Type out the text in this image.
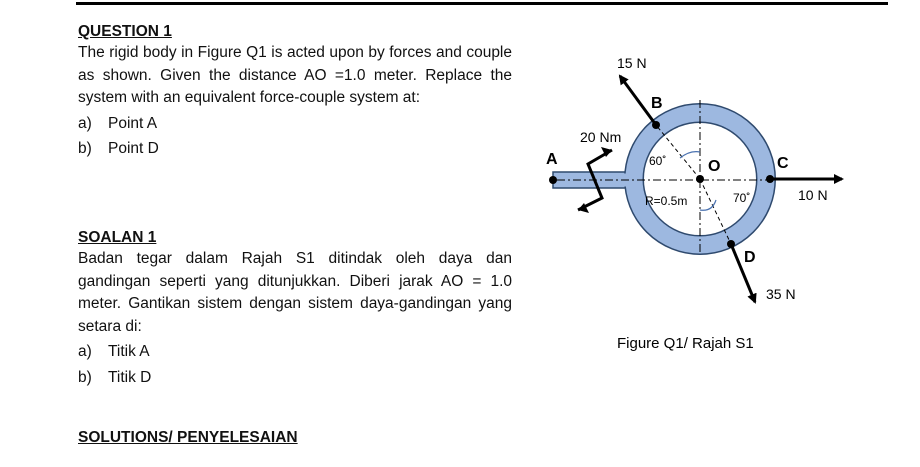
QUESTION 1
The rigid body in Figure Q1 is acted upon by forces and couple as shown. Given the distance AO =1.0 meter. Replace the system with an equivalent force-couple system at:
a) Point A
b) Point D
SOALAN 1
Badan tegar dalam Rajah S1 ditindak oleh daya dan gandingan seperti yang ditunjukkan. Diberi jarak AO = 1.0 meter. Gantikan sistem dengan sistem daya-gandingan yang setara di:
a) Titik A
b) Titik D
SOLUTIONS/ PENYELESAIAN
15 N
20 Nm
A
B
C
D
O
60˚
70˚
R=0.5m	10 N
35 N
Figure Q1/ Rajah S1
